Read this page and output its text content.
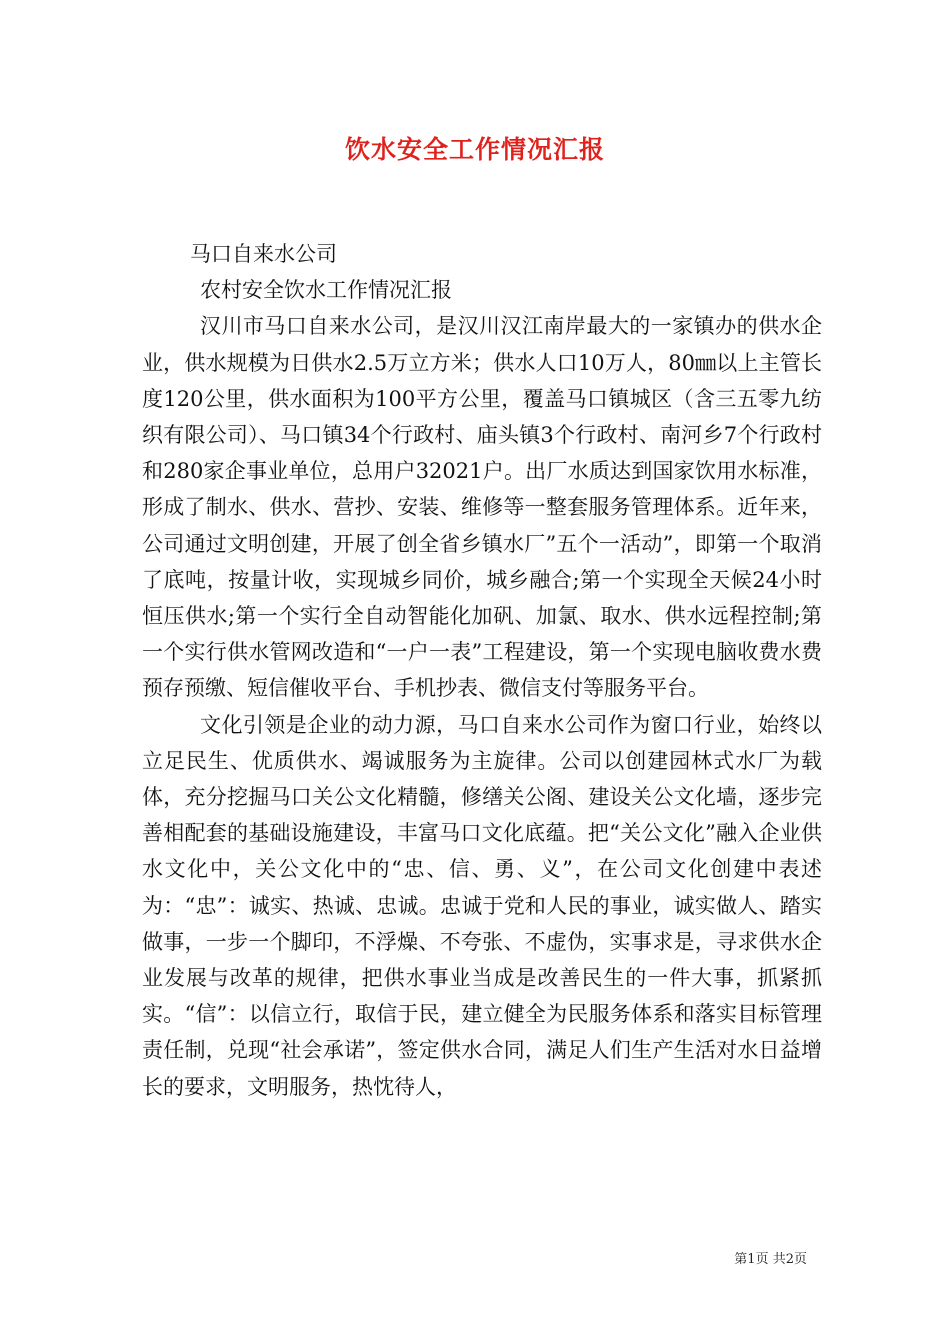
饮水安全工作情况汇报

马口自来水公司

农村安全饮水工作情况汇报

汉川市马口自来水公司，是汉川汉江南岸最大的一家镇办的供水企业，供水规模为日供水2.5万立方米；供水人口10万人，80㎜以上主管长度120公里，供水面积为100平方公里，覆盖马口镇城区（含三五零九纺织有限公司）、马口镇34个行政村、庙头镇3个行政村、南河乡7个行政村和280家企事业单位，总用户32021户。出厂水质达到国家饮用水标准，形成了制水、供水、营抄、安装、维修等一整套服务管理体系。近年来，公司通过文明创建，开展了创全省乡镇水厂”五个一活动”，即第一个取消了底吨，按量计收，实现城乡同价，城乡融合;第一个实现全天候24小时恒压供水;第一个实行全自动智能化加矾、加氯、取水、供水远程控制;第一个实行供水管网改造和“一户一表”工程建设，第一个实现电脑收费水费预存预缴、短信催收平台、手机抄表、微信支付等服务平台。

文化引领是企业的动力源，马口自来水公司作为窗口行业，始终以立足民生、优质供水、竭诚服务为主旋律。公司以创建园林式水厂为载体，充分挖掘马口关公文化精髓，修缮关公阁、建设关公文化墙，逐步完善相配套的基础设施建设，丰富马口文化底蕴。把“关公文化”融入企业供水文化中，关公文化中的“忠、信、勇、义”，在公司文化创建中表述为：“忠”：诚实、热诚、忠诚。忠诚于党和人民的事业，诚实做人、踏实做事，一步一个脚印，不浮燥、不夸张、不虚伪，实事求是，寻求供水企业发展与改革的规律，把供水事业当成是改善民生的一件大事，抓紧抓实。“信”：以信立行，取信于民，建立健全为民服务体系和落实目标管理责任制，兑现“社会承诺”，签定供水合同，满足人们生产生活对水日益增长的要求，文明服务，热忱待人，

第1页 共2页
